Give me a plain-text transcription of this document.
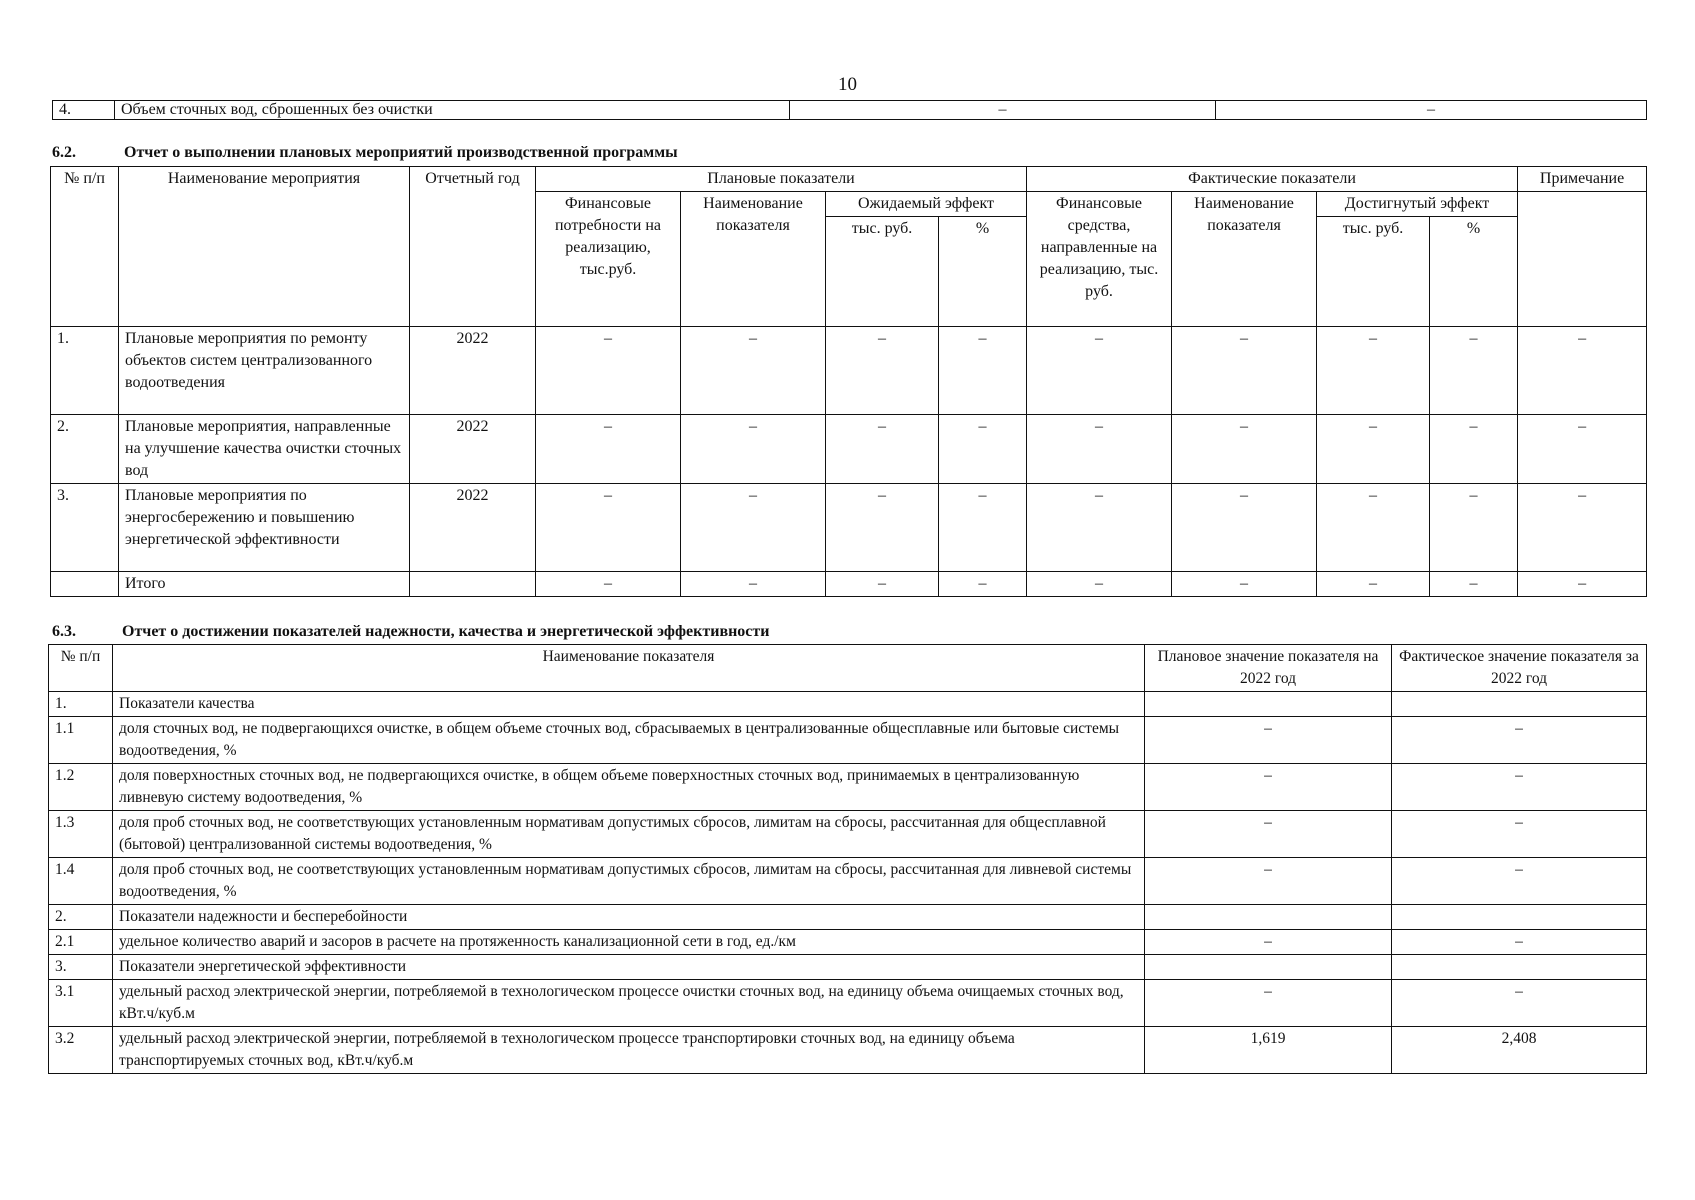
10
4.	Объем сточных вод, сброшенных без очистки	–	–
6.2.	Отчет о выполнении плановых мероприятий производственной программы
№ п/п	Наименование мероприятия	Отчетный год	Плановые показатели				Фактические показатели				Примечание
			Финансовые потребности на реализацию, тыс.руб.	Наименование показателя	Ожидаемый эффект		Финансовые средства, направленные на реализацию, тыс. руб.	Наименование показателя	Достигнутый эффект		
					тыс. руб.	%			тыс. руб.	%	
1.	Плановые мероприятия по ремонту объектов систем централизованного водоотведения	2022	–	–	–	–	–	–	–	–	–
2.	Плановые мероприятия, направленные на улучшение качества очистки сточных вод	2022	–	–	–	–	–	–	–	–	–
3.	Плановые мероприятия по энергосбережению и повышению энергетической эффективности	2022	–	–	–	–	–	–	–	–	–
	Итого		–	–	–	–	–	–	–	–	–
6.3.	Отчет о достижении показателей надежности, качества и энергетической эффективности
№ п/п	Наименование показателя	Плановое значение показателя на 2022 год	Фактическое значение показателя за 2022 год
1.	Показатели качества		
1.1	доля сточных вод, не подвергающихся очистке, в общем объеме сточных вод, сбрасываемых в централизованные общесплавные или бытовые системы водоотведения, %	–	–
1.2	доля поверхностных сточных вод, не подвергающихся очистке, в общем объеме поверхностных сточных вод, принимаемых в централизованную ливневую систему водоотведения, %	–	–
1.3	доля проб сточных вод, не соответствующих установленным нормативам допустимых сбросов, лимитам на сбросы, рассчитанная для общесплавной (бытовой) централизованной системы водоотведения, %	–	–
1.4	доля проб сточных вод, не соответствующих установленным нормативам допустимых сбросов, лимитам на сбросы, рассчитанная для ливневой системы водоотведения, %	–	–
2.	Показатели надежности и бесперебойности		
2.1	удельное количество аварий и засоров в расчете на протяженность канализационной сети в год, ед./км	–	–
3.	Показатели энергетической эффективности		
3.1	удельный расход электрической энергии, потребляемой в технологическом процессе очистки сточных вод, на единицу объема очищаемых сточных вод, кВт.ч/куб.м	–	–
3.2	удельный расход электрической энергии, потребляемой в технологическом процессе транспортировки сточных вод, на единицу объема транспортируемых сточных вод, кВт.ч/куб.м	1,619	2,408
